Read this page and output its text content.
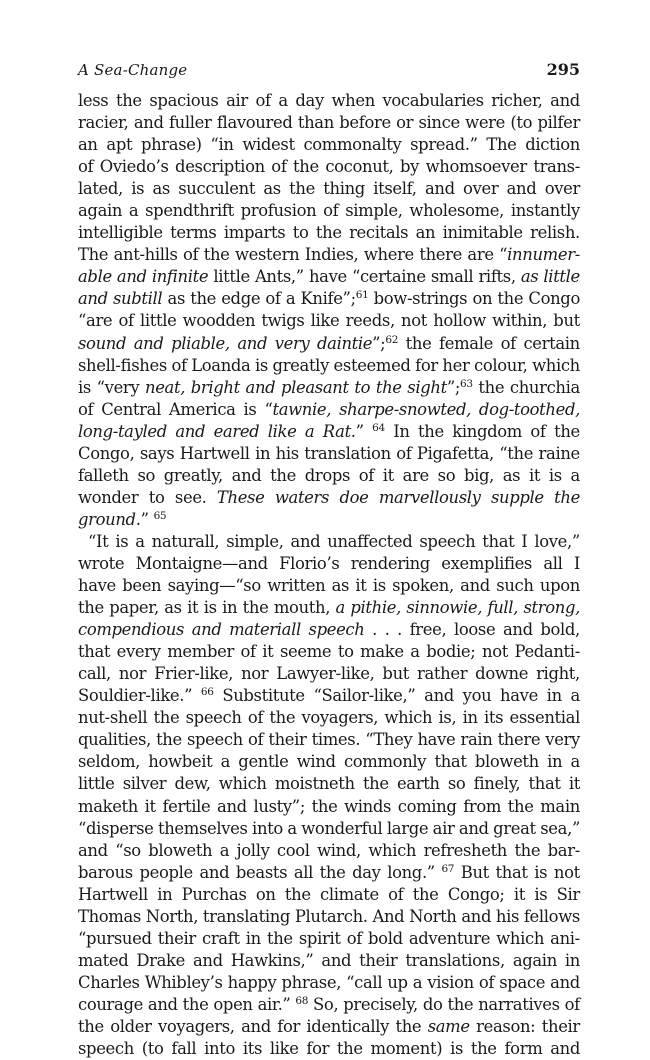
A Sea-Change	295
less the spacious air of a day when vocabularies richer, and
racier, and fuller flavoured than before or since were (to pilfer
an apt phrase) “in widest commonalty spread.” The diction
of Oviedo’s description of the coconut, by whomsoever trans-
lated, is as succulent as the thing itself, and over and over
again a spendthrift profusion of simple, wholesome, instantly
intelligible terms imparts to the recitals an inimitable relish.
The ant-hills of the western Indies, where there are “innumer-
able and infinite little Ants,” have “certaine small rifts, as little
and subtill as the edge of a Knife”;$^{61}$ bow-strings on the Congo
“are of little woodden twigs like reeds, not hollow within, but
sound and pliable, and very daintie”;$^{62}$ the female of certain
shell-fishes of Loanda is greatly esteemed for her colour, which
is “very neat, bright and pleasant to the sight”;$^{63}$ the churchia
of Central America is “tawnie, sharpe-snowted, dog-toothed,
long-tayled and eared like a Rat.” $^{64}$ In the kingdom of the
Congo, says Hartwell in his translation of Pigafetta, “the raine
falleth so greatly, and the drops of it are so big, as it is a
wonder to see. These waters doe marvellously supple the
ground.” $^{65}$
“It is a naturall, simple, and unaffected speech that I love,”
wrote Montaigne—and Florio’s rendering exemplifies all I
have been saying—“so written as it is spoken, and such upon
the paper, as it is in the mouth, a pithie, sinnowie, full, strong,
compendious and materiall speech . . . free, loose and bold,
that every member of it seeme to make a bodie; not Pedanti-
call, nor Frier-like, nor Lawyer-like, but rather downe right,
Souldier-like.” $^{66}$ Substitute “Sailor-like,” and you have in a
nut-shell the speech of the voyagers, which is, in its essential
qualities, the speech of their times. “They have rain there very
seldom, howbeit a gentle wind commonly that bloweth in a
little silver dew, which moistneth the earth so finely, that it
maketh it fertile and lusty”; the winds coming from the main
“disperse themselves into a wonderful large air and great sea,”
and “so bloweth a jolly cool wind, which refresheth the bar-
barous people and beasts all the day long.” $^{67}$ But that is not
Hartwell in Purchas on the climate of the Congo; it is Sir
Thomas North, translating Plutarch. And North and his fellows
“pursued their craft in the spirit of bold adventure which ani-
mated Drake and Hawkins,” and their translations, again in
Charles Whibley’s happy phrase, “call up a vision of space and
courage and the open air.” $^{68}$ So, precisely, do the narratives of
the older voyagers, and for identically the same reason: their
speech (to fall into its like for the moment) is the form and
